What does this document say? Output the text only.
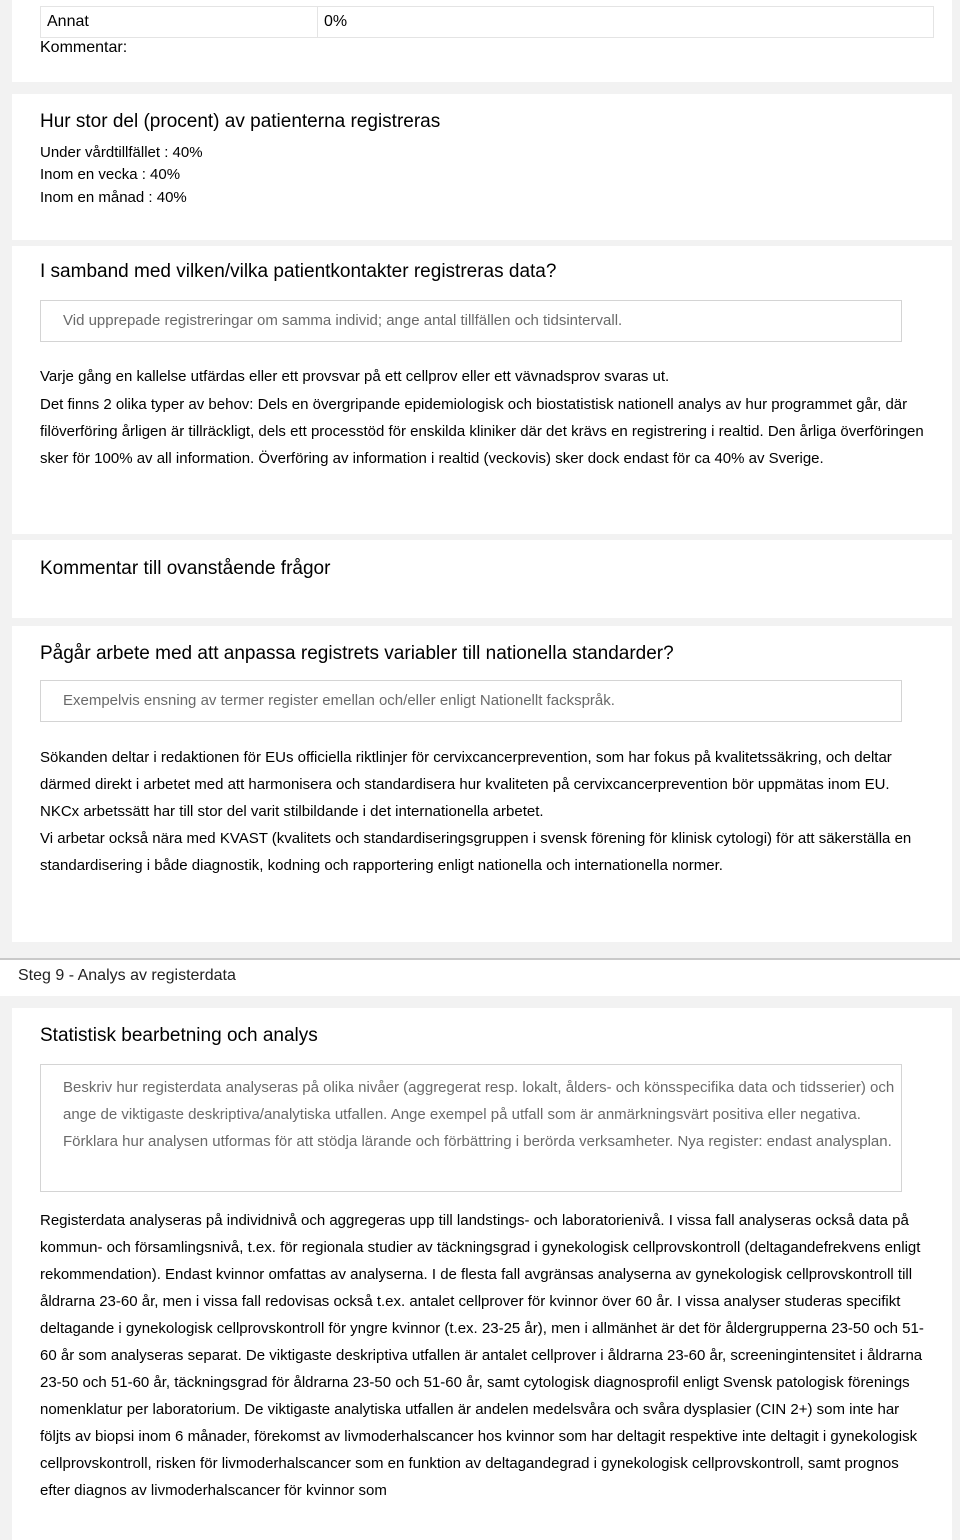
Annat	0%
Kommentar:
Hur stor del (procent) av patienterna registreras
Under vårdtillfället : 40%
Inom en vecka : 40%
Inom en månad : 40%
I samband med vilken/vilka patientkontakter registreras data?
Vid upprepade registreringar om samma individ; ange antal tillfällen och tidsintervall.
Varje gång en kallelse utfärdas eller ett provsvar på ett cellprov eller ett vävnadsprov svaras ut.

Det finns 2 olika typer av behov: Dels en övergripande epidemiologisk och biostatistisk nationell analys av hur programmet går, där filöverföring årligen är tillräckligt, dels ett processtöd för enskilda kliniker där det krävs en registrering i realtid. Den årliga överföringen sker för 100% av all information. Överföring av information i realtid (veckovis) sker dock endast för ca 40% av Sverige.

Kommentar till ovanstående frågor
Pågår arbete med att anpassa registrets variabler till nationella standarder?
Exempelvis ensning av termer register emellan och/eller enligt Nationellt fackspråk.

Sökanden deltar i redaktionen för EUs officiella riktlinjer för cervixcancerprevention, som har fokus på kvalitetssäkring, och deltar därmed direkt i arbetet med att harmonisera och standardisera hur kvaliteten på cervixcancerprevention bör uppmätas inom EU. NKCx arbetssätt har till stor del varit stilbildande i det internationella arbetet.

Vi arbetar också nära med KVAST (kvalitets och standardiseringsgruppen i svensk förening för klinisk cytologi) för att säkerställa en standardisering i både diagnostik, kodning och rapportering enligt nationella och internationella normer.

Steg 9 - Analys av registerdata
Statistisk bearbetning och analys
Beskriv hur registerdata analyseras på olika nivåer (aggregerat resp. lokalt, ålders- och könsspecifika data och tidsserier) och ange de viktigaste deskriptiva/analytiska utfallen. Ange exempel på utfall som är anmärkningsvärt positiva eller negativa. Förklara hur analysen utformas för att stödja lärande och förbättring i berörda verksamheter. Nya register: endast analysplan.

Registerdata analyseras på individnivå och aggregeras upp till landstings- och laboratorienivå. I vissa fall analyseras också data på kommun- och församlingsnivå, t.ex. för regionala studier av täckningsgrad i gynekologisk cellprovskontroll (deltagandefrekvens enligt rekommendation). Endast kvinnor omfattas av analyserna. I de flesta fall avgränsas analyserna av gynekologisk cellprovskontroll till åldrarna 23-60 år, men i vissa fall redovisas också t.ex. antalet cellprover för kvinnor över 60 år. I vissa analyser studeras specifikt deltagande i gynekologisk cellprovskontroll för yngre kvinnor (t.ex. 23-25 år), men i allmänhet är det för åldergrupperna 23-50 och 51-60 år som analyseras separat. De viktigaste deskriptiva utfallen är antalet cellprover i åldrarna 23-60 år, screeningintensitet i åldrarna 23-50 och 51-60 år, täckningsgrad för åldrarna 23-50 och 51-60 år, samt cytologisk diagnosprofil enligt Svensk patologisk förenings nomenklatur per laboratorium. De viktigaste analytiska utfallen är andelen medelsvåra och svåra dysplasier (CIN 2+) som inte har följts av biopsi inom 6 månader, förekomst av livmoderhalscancer hos kvinnor som har deltagit respektive inte deltagit i gynekologisk cellprovskontroll, risken för livmoderhalscancer som en funktion av deltagandegrad i gynekologisk cellprovskontroll, samt prognos efter diagnos av livmoderhalscancer för kvinnor som
